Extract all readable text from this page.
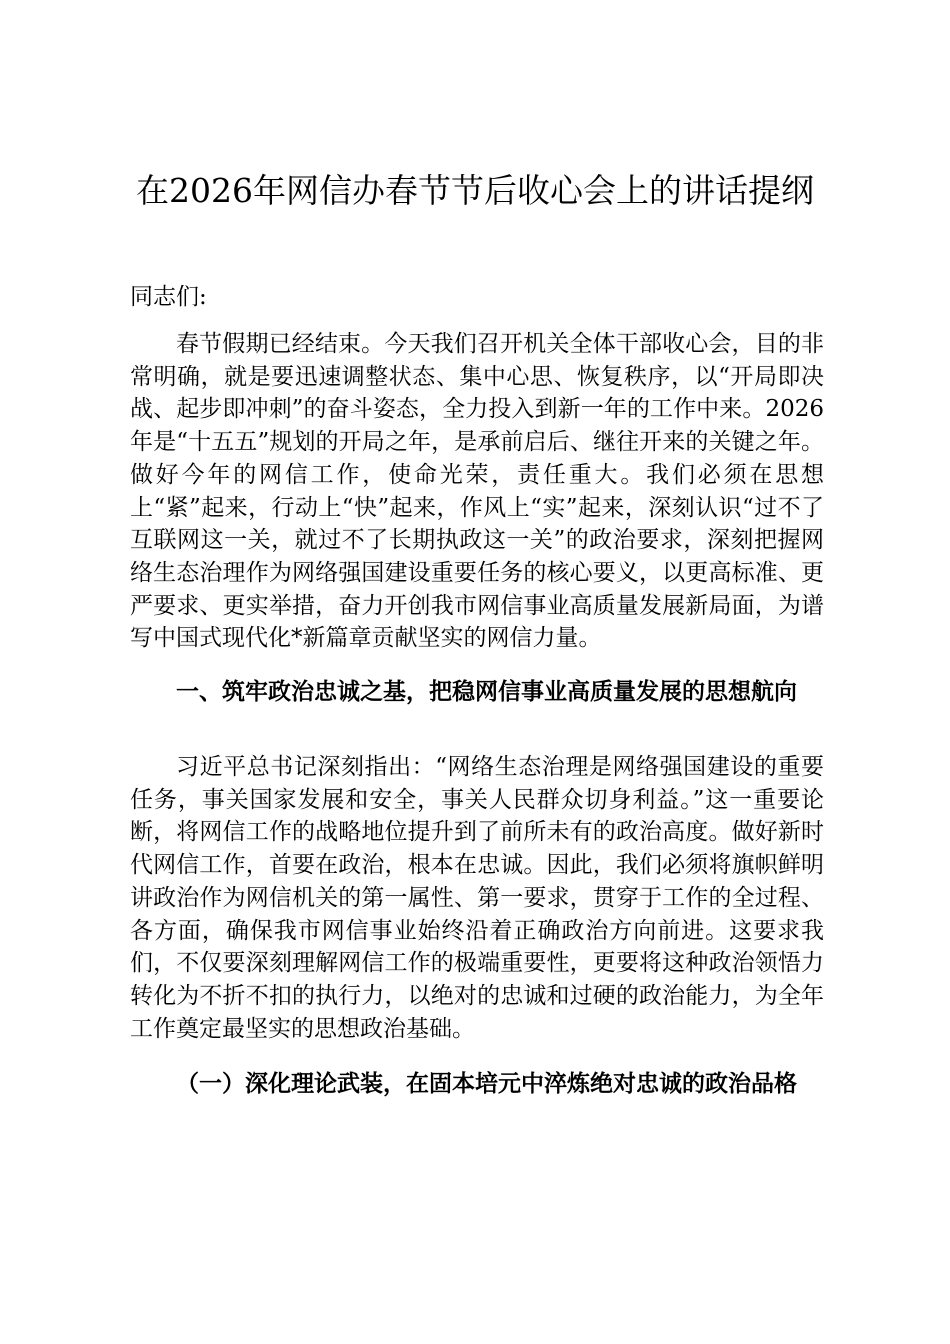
在2026年网信办春节节后收心会上的讲话提纲

同志们:

春节假期已经结束。今天我们召开机关全体干部收心会，目的非常明确，就是要迅速调整状态、集中心思、恢复秩序，以“开局即决战、起步即冲刺”的奋斗姿态，全力投入到新一年的工作中来。2026年是“十五五”规划的开局之年，是承前启后、继往开来的关键之年。做好今年的网信工作，使命光荣，责任重大。我们必须在思想上“紧”起来，行动上“快”起来，作风上“实”起来，深刻认识“过不了互联网这一关，就过不了长期执政这一关”的政治要求，深刻把握网络生态治理作为网络强国建设重要任务的核心要义，以更高标准、更严要求、更实举措，奋力开创我市网信事业高质量发展新局面，为谱写中国式现代化*新篇章贡献坚实的网信力量。

一、筑牢政治忠诚之基，把稳网信事业高质量发展的思想航向

习近平总书记深刻指出：“网络生态治理是网络强国建设的重要任务，事关国家发展和安全，事关人民群众切身利益。”这一重要论断，将网信工作的战略地位提升到了前所未有的政治高度。做好新时代网信工作，首要在政治，根本在忠诚。因此，我们必须将旗帜鲜明讲政治作为网信机关的第一属性、第一要求，贯穿于工作的全过程、各方面，确保我市网信事业始终沿着正确政治方向前进。这要求我们，不仅要深刻理解网信工作的极端重要性，更要将这种政治领悟力转化为不折不扣的执行力，以绝对的忠诚和过硬的政治能力，为全年工作奠定最坚实的思想政治基础。

（一）深化理论武装，在固本培元中淬炼绝对忠诚的政治品格
